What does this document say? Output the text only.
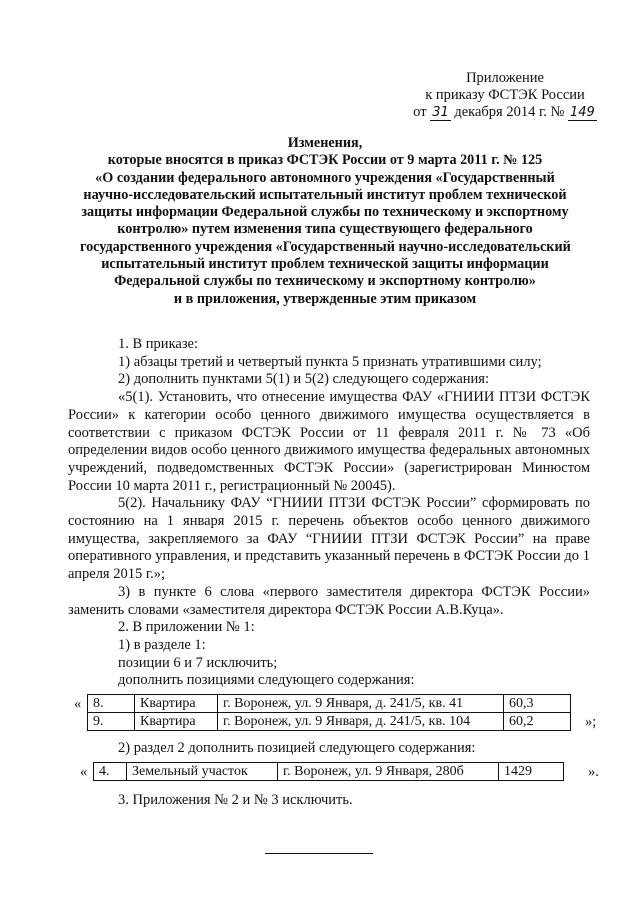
Приложение
к приказу ФСТЭК России
от 31 декабря 2014 г. № 149
Изменения,
которые вносятся в приказ ФСТЭК России от 9 марта 2011 г. № 125
«О создании федерального автономного учреждения «Государственный
научно-исследовательский испытательный институт проблем технической
защиты информации Федеральной службы по техническому и экспортному
контролю» путем изменения типа существующего федерального
государственного учреждения «Государственный научно-исследовательский
испытательный институт проблем технической защиты информации
Федеральной службы по техническому и экспортному контролю»
и в приложения, утвержденные этим приказом
1. В приказе:
1) абзацы третий и четвертый пункта 5 признать утратившими силу;
2) дополнить пунктами 5(1) и 5(2) следующего содержания:

«5(1). Установить, что отнесение имущества ФАУ «ГНИИИ ПТЗИ ФСТЭК России» к категории особо ценного движимого имущества осуществляется в соответствии с приказом ФСТЭК России от 11 февраля 2011 г. № 73 «Об определении видов особо ценного движимого имущества федеральных автономных учреждений, подведомственных ФСТЭК России» (зарегистрирован Минюстом России 10 марта 2011 г., регистрационный № 20045).

5(2). Начальнику ФАУ “ГНИИИ ПТЗИ ФСТЭК России” сформировать по состоянию на 1 января 2015 г. перечень объектов особо ценного движимого имущества, закрепляемого за ФАУ “ГНИИИ ПТЗИ ФСТЭК России” на праве оперативного управления, и представить указанный перечень в ФСТЭК России до 1 апреля 2015 г.»;

3) в пункте 6 слова «первого заместителя директора ФСТЭК России» заменить словами «заместителя директора ФСТЭК России А.В.Куца».

2. В приложении № 1:
1) в разделе 1:
позиции 6 и 7 исключить;
дополнить позициями следующего содержания:
« 8.	Квартира	г. Воронеж, ул. 9 Января, д. 241/5, кв. 41	60,3
9.	Квартира	г. Воронеж, ул. 9 Января, д. 241/5, кв. 104	60,2	»;
2) раздел 2 дополнить позицией следующего содержания:
« 4.	Земельный участок	г. Воронеж, ул. 9 Января, 280б	1429	».
3. Приложения № 2 и № 3 исключить.
